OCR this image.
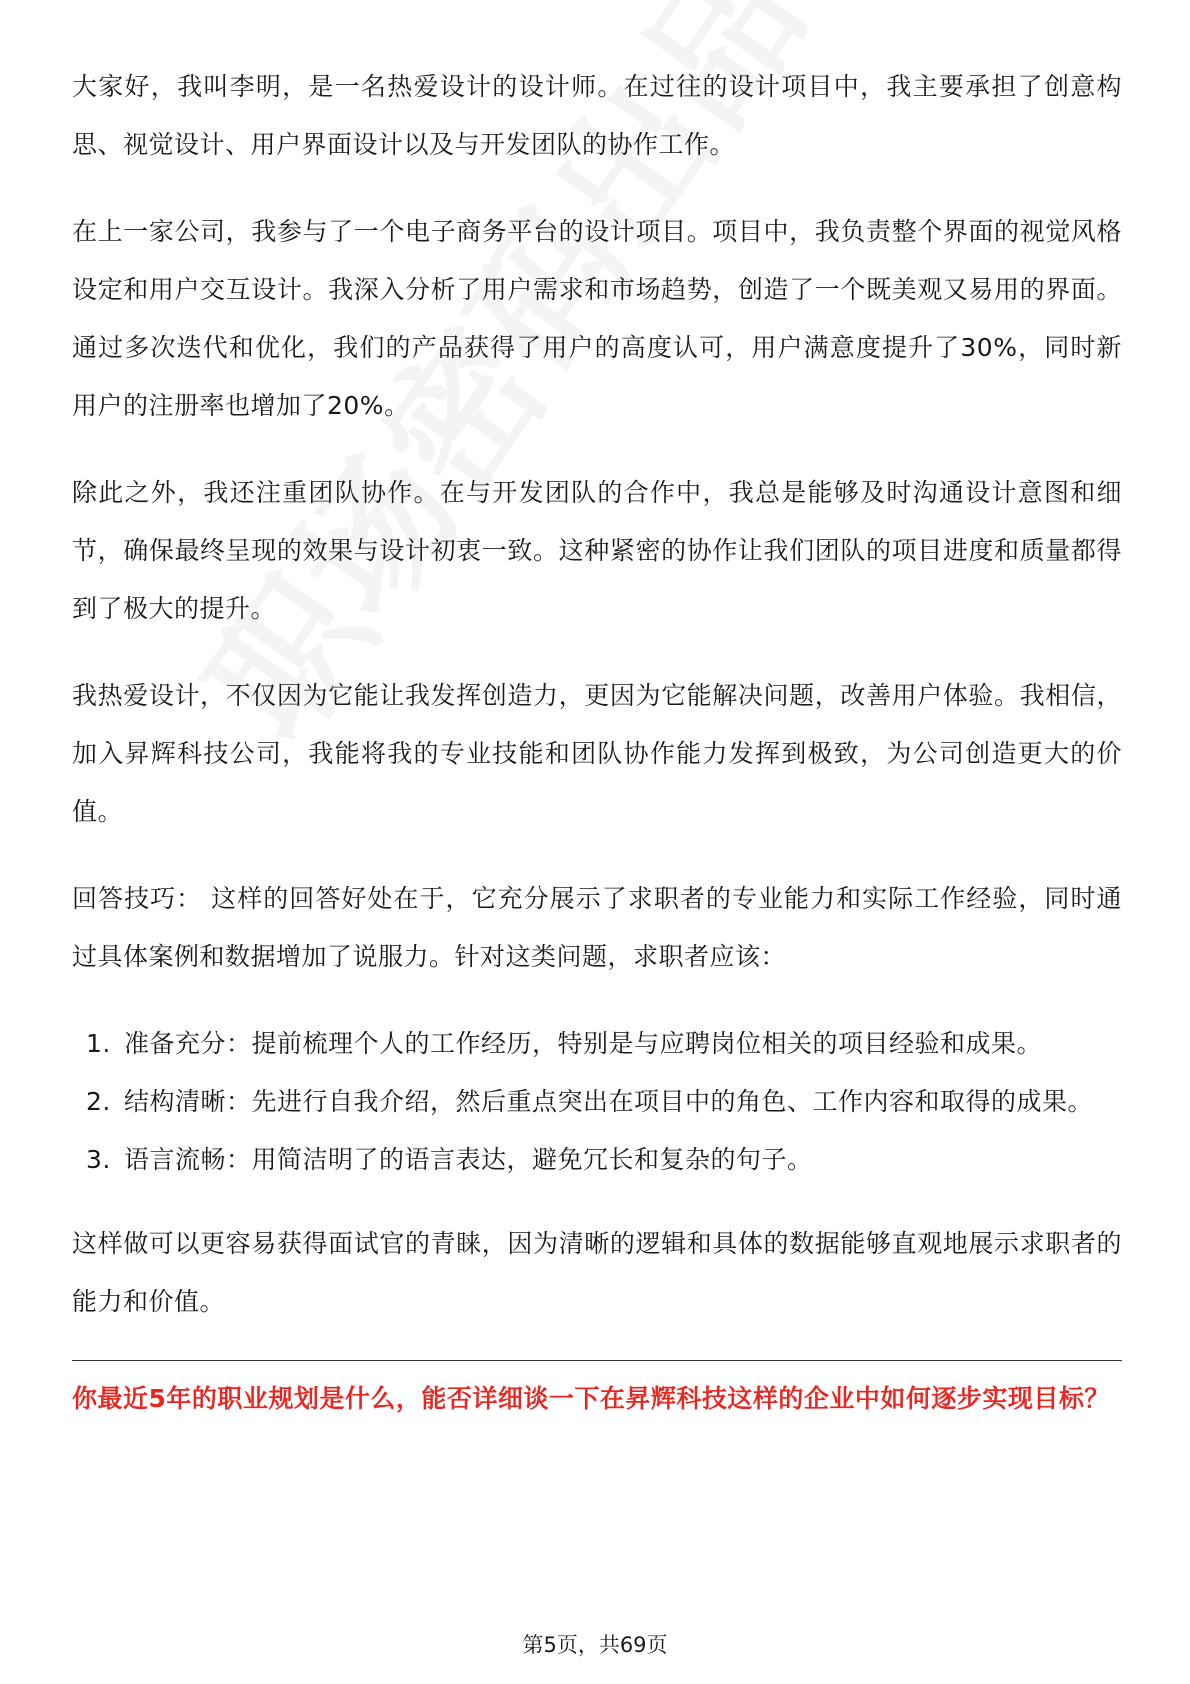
大家好，我叫李明，是一名热爱设计的设计师。在过往的设计项目中，我主要承担了创意构思、视觉设计、用户界面设计以及与开发团队的协作工作。

在上一家公司，我参与了一个电子商务平台的设计项目。项目中，我负责整个界面的视觉风格设定和用户交互设计。我深入分析了用户需求和市场趋势，创造了一个既美观又易用的界面。通过多次迭代和优化，我们的产品获得了用户的高度认可，用户满意度提升了30%，同时新用户的注册率也增加了20%。

除此之外，我还注重团队协作。在与开发团队的合作中，我总是能够及时沟通设计意图和细节，确保最终呈现的效果与设计初衷一致。这种紧密的协作让我们团队的项目进度和质量都得到了极大的提升。

我热爱设计，不仅因为它能让我发挥创造力，更因为它能解决问题，改善用户体验。我相信，加入昇辉科技公司，我能将我的专业技能和团队协作能力发挥到极致，为公司创造更大的价值。

回答技巧： 这样的回答好处在于，它充分展示了求职者的专业能力和实际工作经验，同时通过具体案例和数据增加了说服力。针对这类问题，求职者应该：

1. 准备充分：提前梳理个人的工作经历，特别是与应聘岗位相关的项目经验和成果。
2. 结构清晰：先进行自我介绍，然后重点突出在项目中的角色、工作内容和取得的成果。
3. 语言流畅：用简洁明了的语言表达，避免冗长和复杂的句子。

这样做可以更容易获得面试官的青睐，因为清晰的逻辑和具体的数据能够直观地展示求职者的能力和价值。

你最近5年的职业规划是什么，能否详细谈一下在昇辉科技这样的企业中如何逐步实现目标？

第5页，共69页
